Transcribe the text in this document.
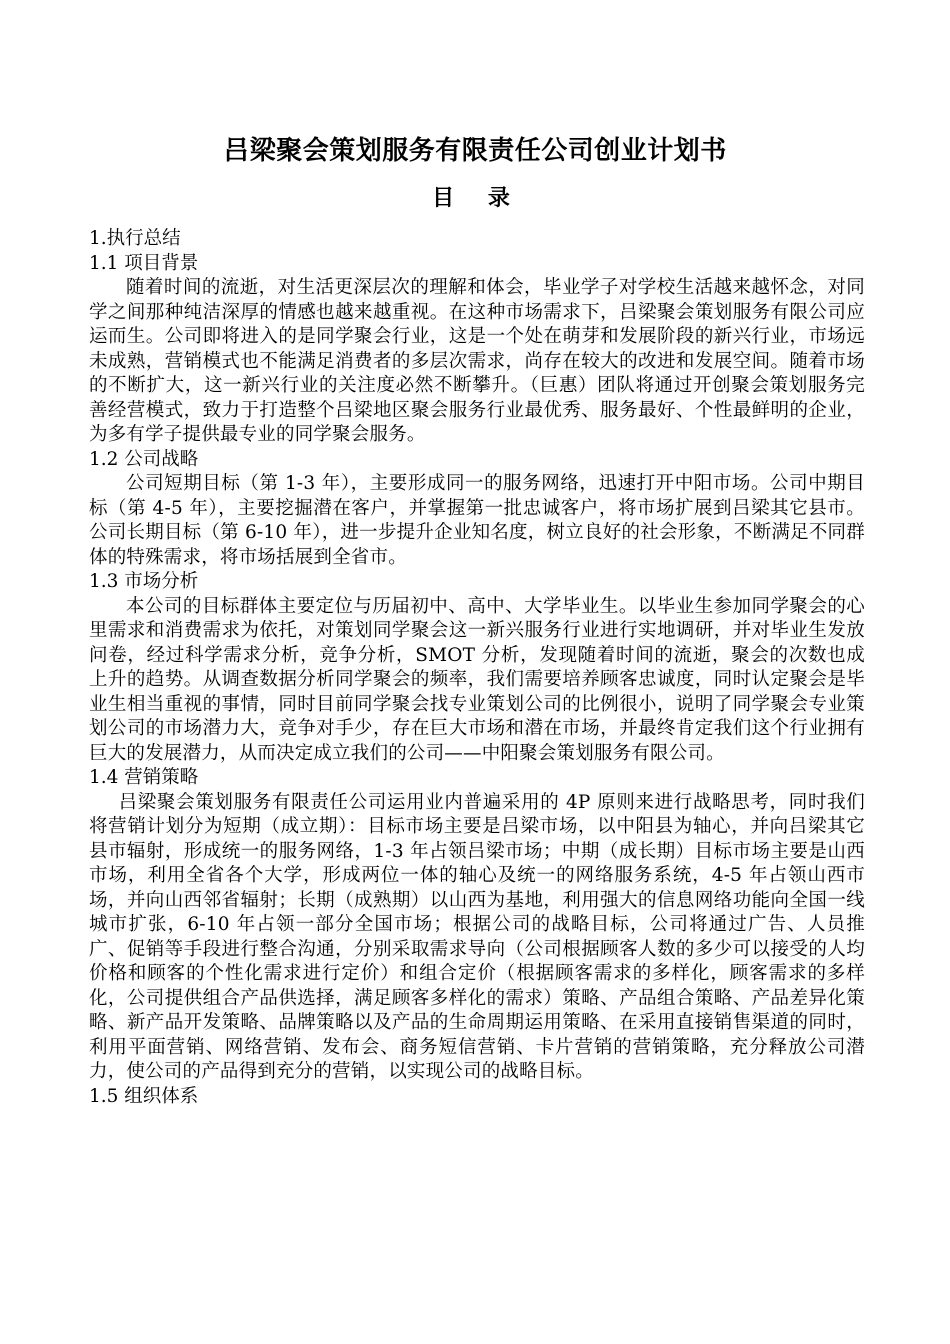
吕梁聚会策划服务有限责任公司创业计划书
目 录

1.执行总结

1.1 项目背景

随着时间的流逝，对生活更深层次的理解和体会，毕业学子对学校生活越来越怀念，对同学之间那种纯洁深厚的情感也越来越重视。在这种市场需求下，吕梁聚会策划服务有限公司应运而生。公司即将进入的是同学聚会行业，这是一个处在萌芽和发展阶段的新兴行业，市场远未成熟，营销模式也不能满足消费者的多层次需求，尚存在较大的改进和发展空间。随着市场的不断扩大，这一新兴行业的关注度必然不断攀升。（巨惠）团队将通过开创聚会策划服务完善经营模式，致力于打造整个吕梁地区聚会服务行业最优秀、服务最好、个性最鲜明的企业，为多有学子提供最专业的同学聚会服务。

1.2 公司战略

公司短期目标（第 1-3 年），主要形成同一的服务网络，迅速打开中阳市场。公司中期目标（第 4-5 年），主要挖掘潜在客户，并掌握第一批忠诚客户，将市场扩展到吕梁其它县市。公司长期目标（第 6-10 年），进一步提升企业知名度，树立良好的社会形象，不断满足不同群体的特殊需求，将市场括展到全省市。

1.3 市场分析

本公司的目标群体主要定位与历届初中、高中、大学毕业生。以毕业生参加同学聚会的心里需求和消费需求为依托，对策划同学聚会这一新兴服务行业进行实地调研，并对毕业生发放问卷，经过科学需求分析，竞争分析，SMOT 分析，发现随着时间的流逝，聚会的次数也成上升的趋势。从调查数据分析同学聚会的频率，我们需要培养顾客忠诚度，同时认定聚会是毕业生相当重视的事情，同时目前同学聚会找专业策划公司的比例很小，说明了同学聚会专业策划公司的市场潜力大，竞争对手少，存在巨大市场和潜在市场，并最终肯定我们这个行业拥有巨大的发展潜力，从而决定成立我们的公司——中阳聚会策划服务有限公司。

1.4 营销策略

吕梁聚会策划服务有限责任公司运用业内普遍采用的 4P 原则来进行战略思考，同时我们将营销计划分为短期（成立期）：目标市场主要是吕梁市场，以中阳县为轴心，并向吕梁其它县市辐射，形成统一的服务网络，1-3 年占领吕梁市场；中期（成长期）目标市场主要是山西市场，利用全省各个大学，形成两位一体的轴心及统一的网络服务系统，4-5 年占领山西市场，并向山西邻省辐射；长期（成熟期）以山西为基地，利用强大的信息网络功能向全国一线城市扩张，6-10 年占领一部分全国市场；根据公司的战略目标，公司将通过广告、人员推广、促销等手段进行整合沟通，分别采取需求导向（公司根据顾客人数的多少可以接受的人均价格和顾客的个性化需求进行定价）和组合定价（根据顾客需求的多样化，顾客需求的多样化，公司提供组合产品供选择，满足顾客多样化的需求）策略、产品组合策略、产品差异化策略、新产品开发策略、品牌策略以及产品的生命周期运用策略、在采用直接销售渠道的同时，利用平面营销、网络营销、发布会、商务短信营销、卡片营销的营销策略，充分释放公司潜力，使公司的产品得到充分的营销，以实现公司的战略目标。

1.5 组织体系
